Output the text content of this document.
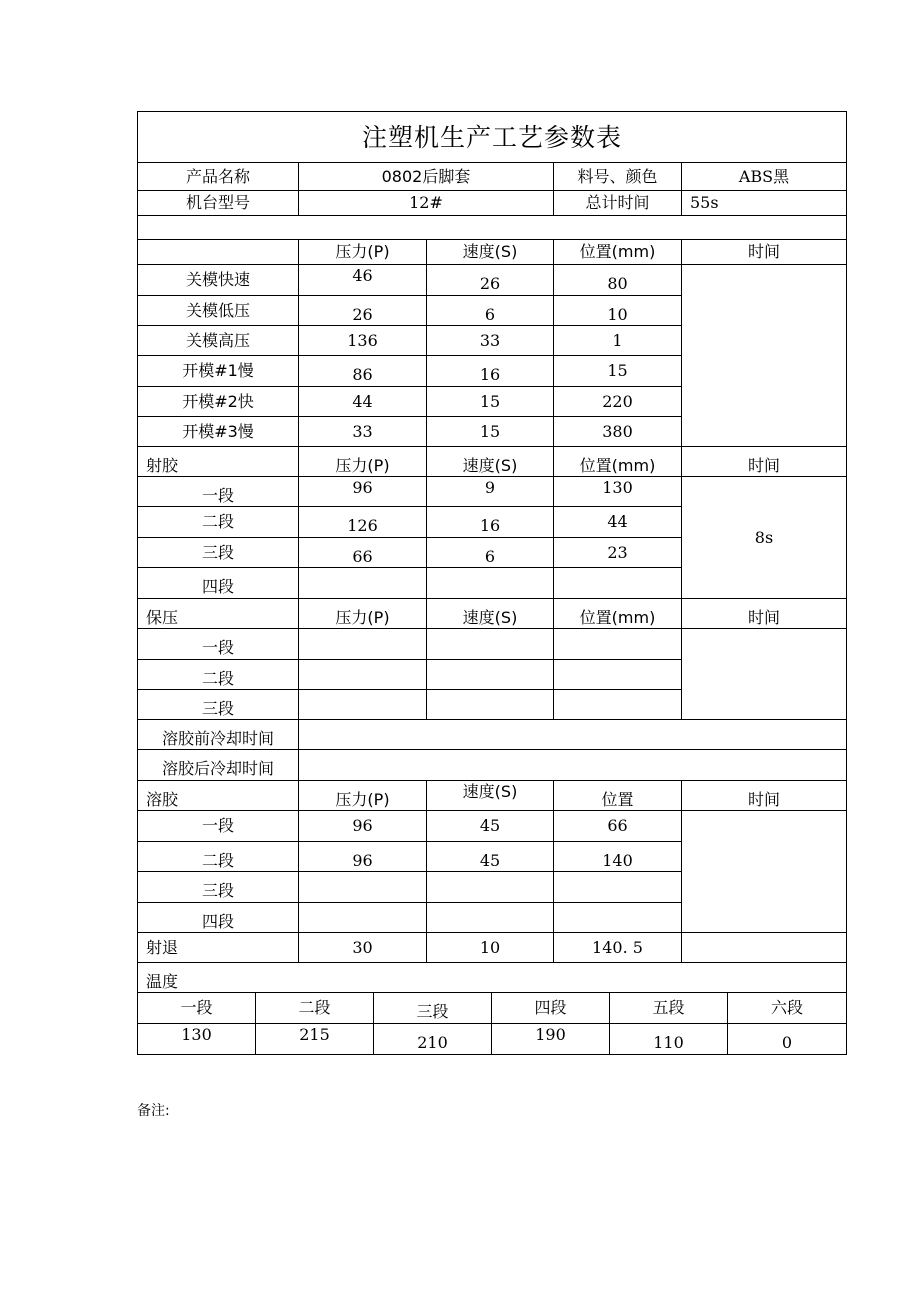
注塑机生产工艺参数表				
产品名称	0802后脚套		料号、颜色	ABS黑
机台型号	12#		总计时间	55s

	压力(P)	速度(S)	位置(mm)	时间
关模快速	46	26	80	
关模低压	26	6	10	
关模高压	136	33	1	
开模#1慢	86	16	15	
开模#2快	44	15	220	
开模#3慢	33	15	380	
射胶	压力(P)	速度(S)	位置(mm)	时间
一段	96	9	130	8s
二段	126	16	44	
三段	66	6	23	
四段				
保压	压力(P)	速度(S)	位置(mm)	时间
一段				
二段				
三段				
溶胶前冷却时间				
溶胶后冷却时间				
溶胶	压力(P)	速度(S)	位置	时间
一段	96	45	66	
二段	96	45	140	
三段				
四段				
射退	30	10	140. 5	
温度				
一段	二段	三段	四段	五段	六段
130	215	210	190	110	0
备注:
